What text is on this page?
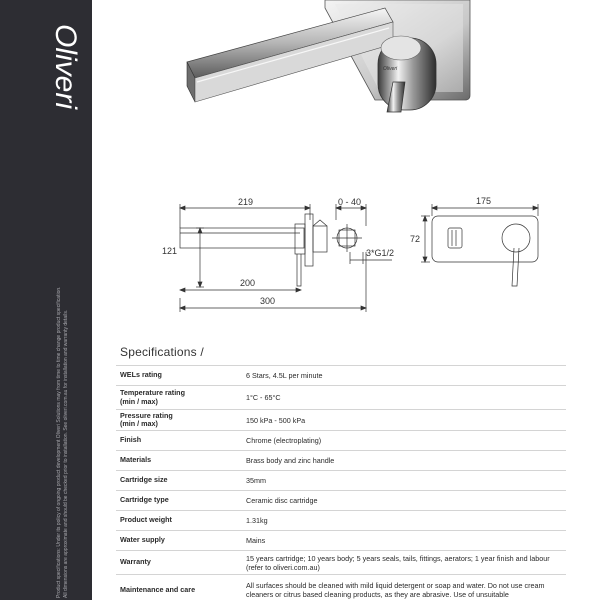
Oliveri
Product specifications: Under its policy of ongoing product development Oliveri Solutions may from time to time change product specification. All dimensions are approximate and should be checked prior to installation. See oliveri.com.au for installation and warranty details.
Oliveri
219	0 - 40
121
200
300
3*G1/2
175
72
Specifications /
WELs rating	6 Stars, 4.5L per minute
Temperature rating
(min / max)	1°C - 65°C
Pressure rating
(min / max)	150 kPa - 500 kPa
Finish	Chrome (electroplating)
Materials	Brass body and zinc handle
Cartridge size	35mm
Cartridge type	Ceramic disc cartridge
Product weight	1.31kg
Water supply	Mains
Warranty	15 years cartridge; 10 years body; 5 years seals, tails, fittings, aerators; 1 year finish and labour (refer to oliveri.com.au)
Maintenance and care	All surfaces should be cleaned with mild liquid detergent or soap and water. Do not use cream cleaners or citrus based cleaning products, as they are abrasive. Use of unsuitable
